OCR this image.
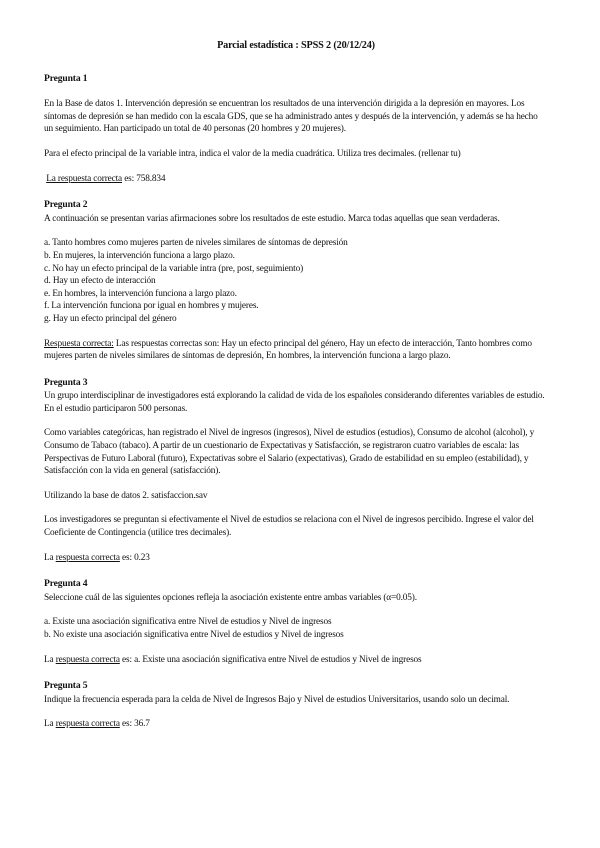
Parcial estadística : SPSS 2 (20/12/24)
Pregunta 1

En la Base de datos 1. Intervención depresión se encuentran los resultados de una intervención dirigida a la depresión en mayores. Los síntomas de depresión se han medido con la escala GDS, que se ha administrado antes y después de la intervención, y además se ha hecho un seguimiento. Han participado un total de 40 personas (20 hombres y 20 mujeres).

Para el efecto principal de la variable intra, indica el valor de la media cuadrática. Utiliza tres decimales. (rellenar tu)

La respuesta correcta es: 758.834

Pregunta 2

A continuación se presentan varias afirmaciones sobre los resultados de este estudio. Marca todas aquellas que sean verdaderas.

a. Tanto hombres como mujeres parten de niveles similares de síntomas de depresión
b. En mujeres, la intervención funciona a largo plazo.
c. No hay un efecto principal de la variable intra (pre, post, seguimiento)
d. Hay un efecto de interacción
e. En hombres, la intervención funciona a largo plazo.
f. La intervención funciona por igual en hombres y mujeres.
g. Hay un efecto principal del género

Respuesta correcta: Las respuestas correctas son: Hay un efecto principal del género, Hay un efecto de interacción, Tanto hombres como mujeres parten de niveles similares de síntomas de depresión, En hombres, la intervención funciona a largo plazo.

Pregunta 3

Un grupo interdisciplinar de investigadores está explorando la calidad de vida de los españoles considerando diferentes variables de estudio. En el estudio participaron 500 personas.

Como variables categóricas, han registrado el Nivel de ingresos (ingresos), Nivel de estudios (estudios), Consumo de alcohol (alcohol), y Consumo de Tabaco (tabaco). A partir de un cuestionario de Expectativas y Satisfacción, se registraron cuatro variables de escala: las Perspectivas de Futuro Laboral (futuro), Expectativas sobre el Salario (expectativas), Grado de estabilidad en su empleo (estabilidad), y Satisfacción con la vida en general (satisfacción).

Utilizando la base de datos 2. satisfaccion.sav

Los investigadores se preguntan si efectivamente el Nivel de estudios se relaciona con el Nivel de ingresos percibido. Ingrese el valor del Coeficiente de Contingencia (utilice tres decimales).

La respuesta correcta es: 0.23

Pregunta 4

Seleccione cuál de las siguientes opciones refleja la asociación existente entre ambas variables (α=0.05).

a. Existe una asociación significativa entre Nivel de estudios y Nivel de ingresos
b. No existe una asociación significativa entre Nivel de estudios y Nivel de ingresos

La respuesta correcta es: a. Existe una asociación significativa entre Nivel de estudios y Nivel de ingresos

Pregunta 5

Indique la frecuencia esperada para la celda de Nivel de Ingresos Bajo y Nivel de estudios Universitarios, usando solo un decimal.

La respuesta correcta es: 36.7
